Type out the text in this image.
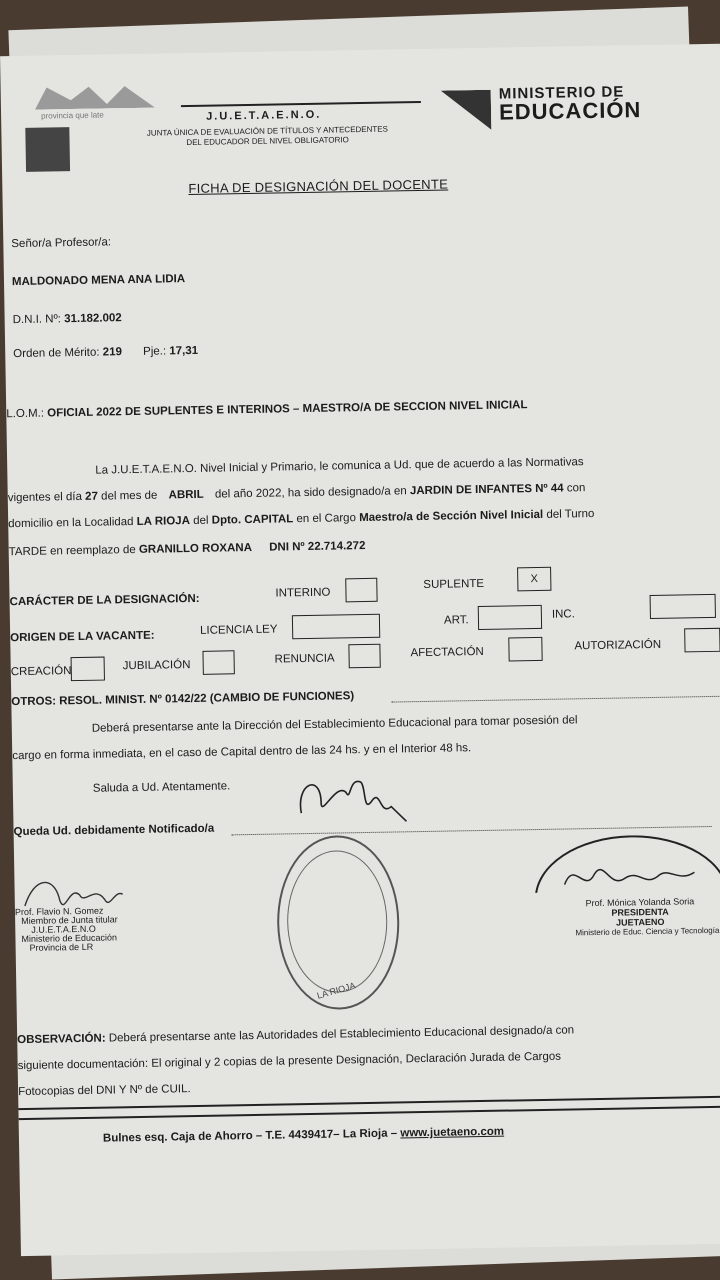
provincia que late	J.U.E.T.A.E.N.O.
JUNTA ÚNICA DE EVALUACIÓN DE TÍTULOS Y ANTECEDENTES
DEL EDUCADOR DEL NIVEL OBLIGATORIO
MINISTERIO DE
EDUCACIÓN
FICHA DE DESIGNACIÓN DEL DOCENTE
Señor/a Profesor/a:
MALDONADO MENA ANA LIDIA
D.N.I. Nº: 31.182.002
Orden de Mérito: 219 Pje.: 17,31
L.O.M.: OFICIAL 2022 DE SUPLENTES E INTERINOS – MAESTRO/A DE SECCION NIVEL INICIAL
La J.U.E.T.A.E.N.O. Nivel Inicial y Primario, le comunica a Ud. que de acuerdo a las Normativas
vigentes el día 27 del mes de ABRIL del año 2022, ha sido designado/a en JARDIN DE INFANTES Nº 44 con
domicilio en la Localidad LA RIOJA del Dpto. CAPITAL en el Cargo Maestro/a de Sección Nivel Inicial del Turno
TARDE en reemplazo de GRANILLO ROXANA DNI Nº 22.714.272
CARÁCTER DE LA DESIGNACIÓN:	INTERINO
SUPLENTE	X
ORIGEN DE LA VACANTE:	LICENCIA LEY
ART.	INC.
CREACIÓN	JUBILACIÓN	RENUNCIA	AFECTACIÓN
AUTORIZACIÓN
OTROS: RESOL. MINIST. Nº 0142/22 (CAMBIO DE FUNCIONES)
Deberá presentarse ante la Dirección del Establecimiento Educacional para tomar posesión del
cargo en forma inmediata, en el caso de Capital dentro de las 24 hs. y en el Interior 48 hs.
Saluda a Ud. Atentamente.
Queda Ud. debidamente Notificado/a
Prof. Flavio N. Gomez
Miembro de Junta titular
J.U.E.T.A.E.N.O
Ministerio de Educación
Provincia de LR
LA RIOJA
Prof. Mónica Yolanda Soria
PRESIDENTA
JUETAENO
Ministerio de Educ. Ciencia y Tecnología
OBSERVACIÓN: Deberá presentarse ante las Autoridades del Establecimiento Educacional designado/a con
siguiente documentación: El original y 2 copias de la presente Designación, Declaración Jurada de Cargos
Fotocopias del DNI Y Nº de CUIL.
Bulnes esq. Caja de Ahorro – T.E. 4439417– La Rioja – www.juetaeno.com
